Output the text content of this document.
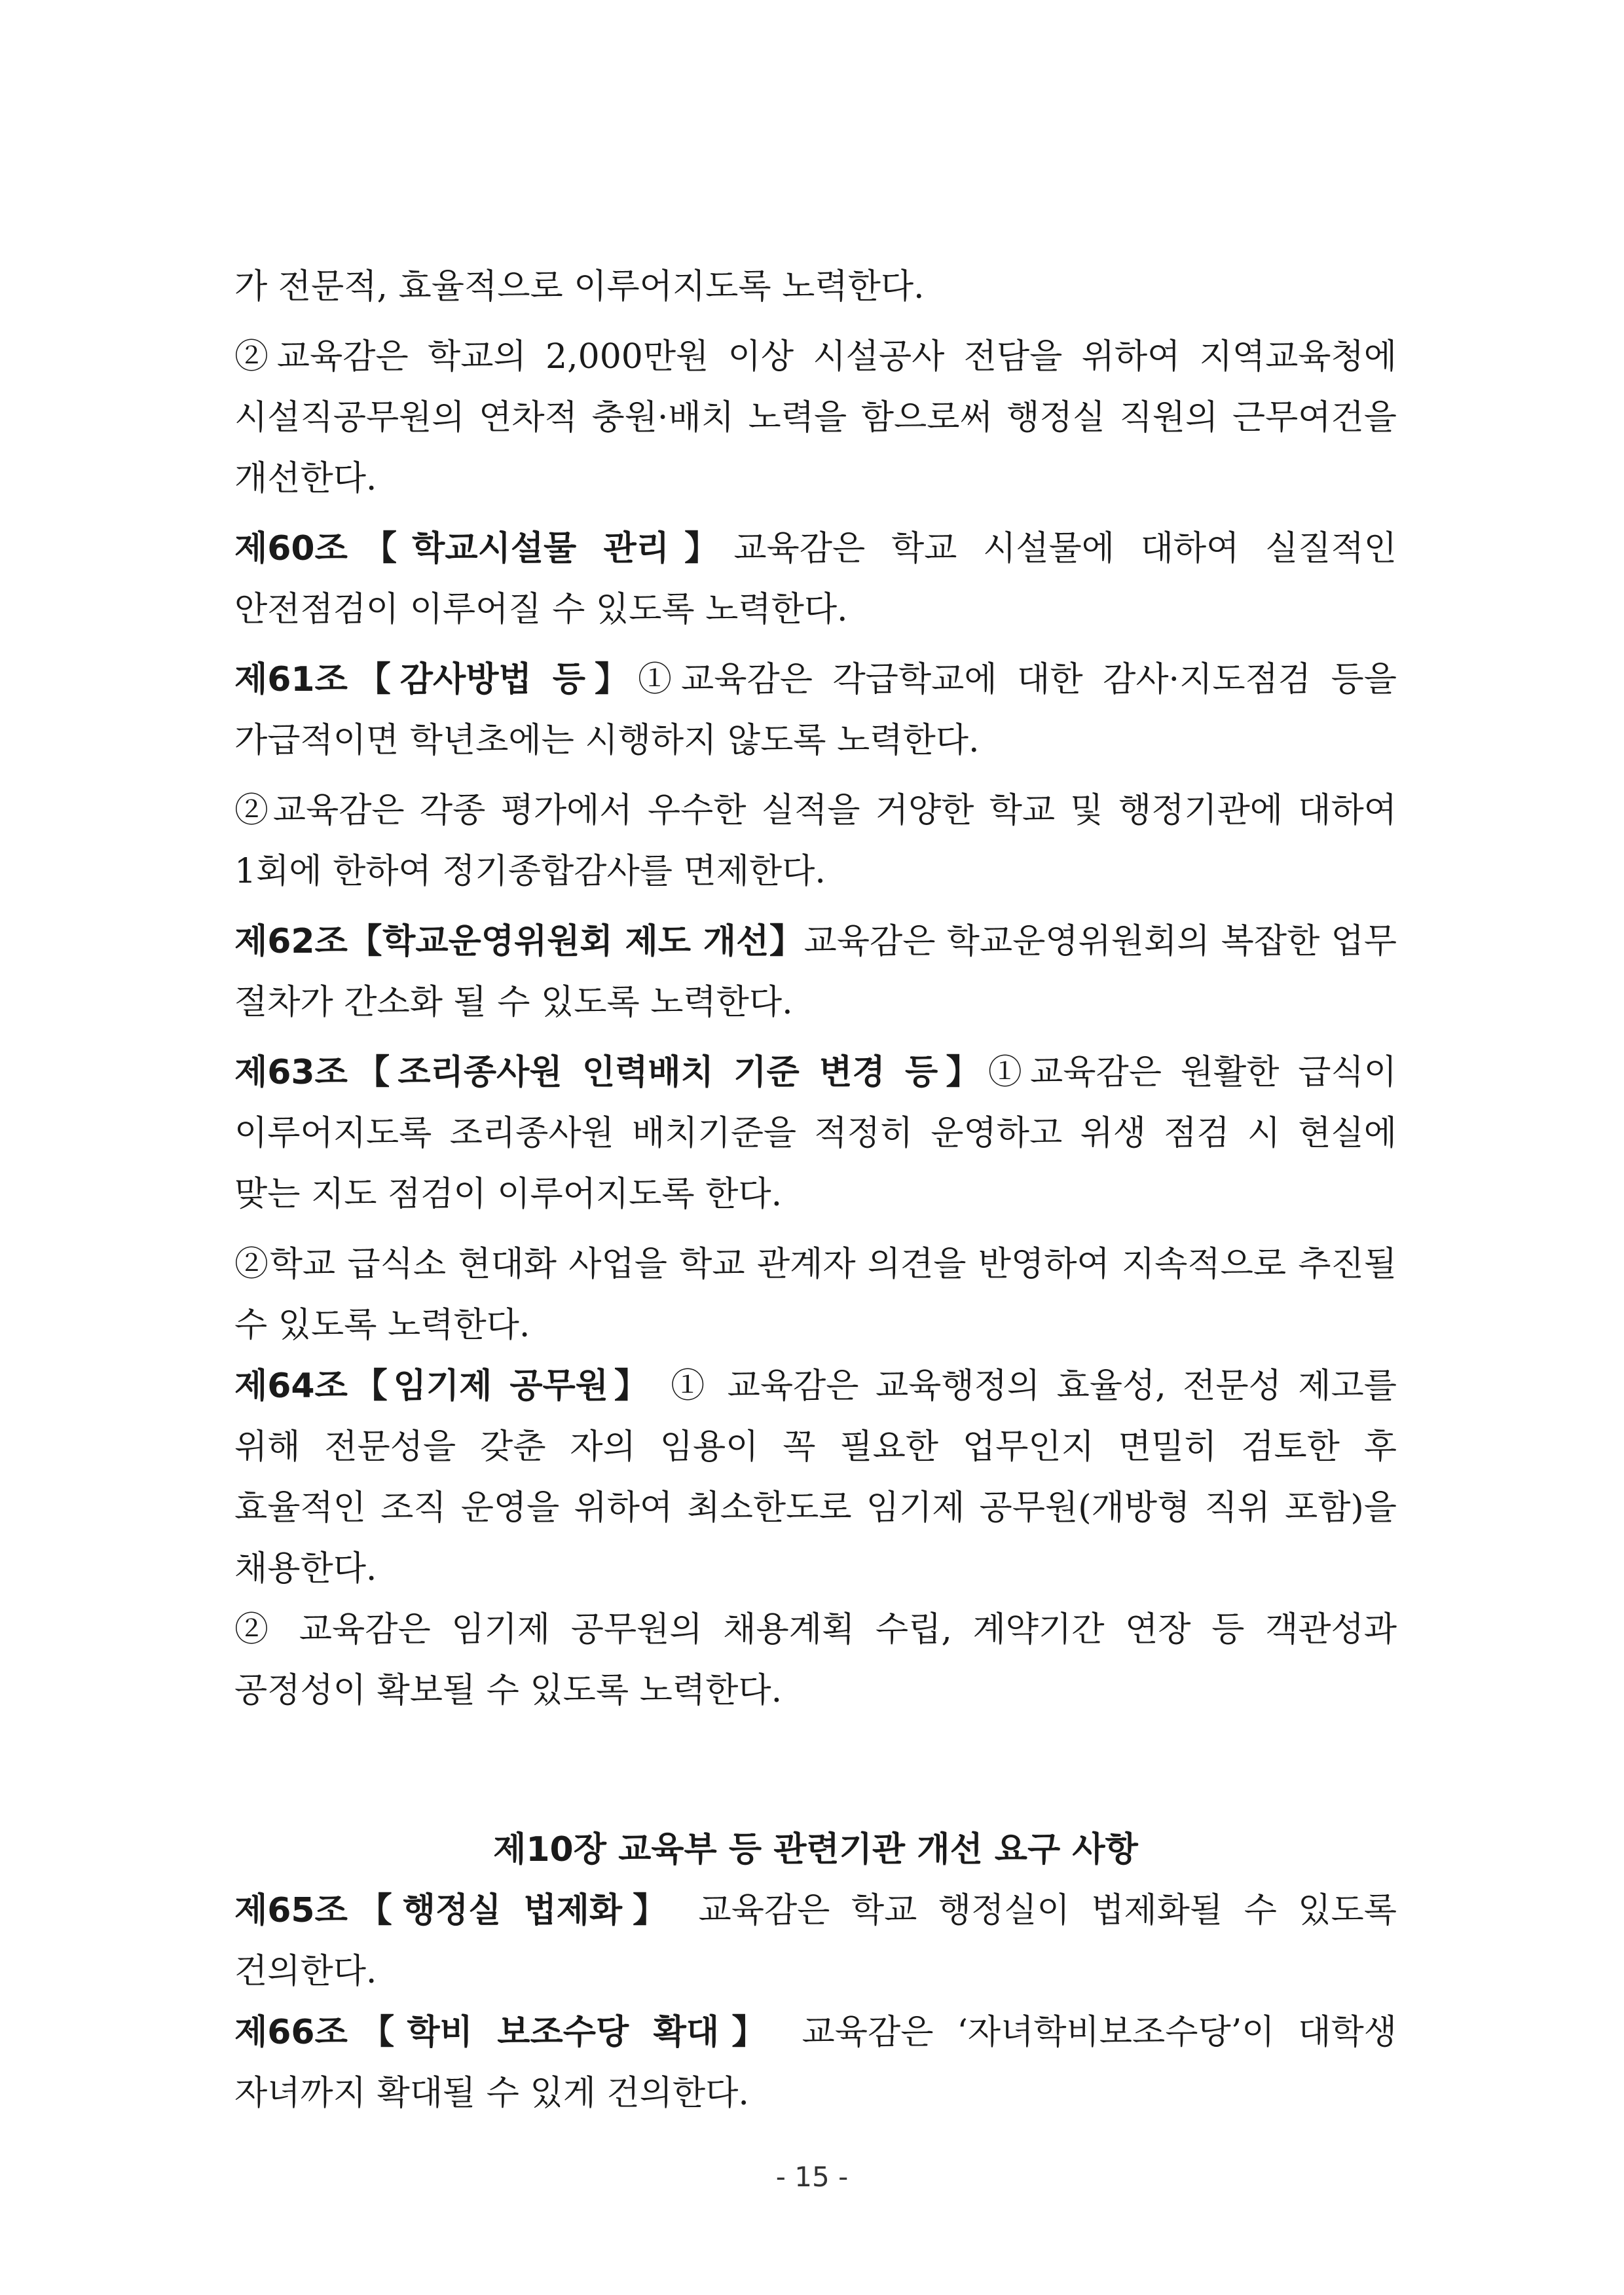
가 전문적, 효율적으로 이루어지도록 노력한다.

②교육감은 학교의 2,000만원 이상 시설공사 전담을 위하여 지역교육청에 시설직공무원의 연차적 충원·배치 노력을 함으로써 행정실 직원의 근무여건을 개선한다.

제60조【학교시설물 관리】교육감은 학교 시설물에 대하여 실질적인 안전점검이 이루어질 수 있도록 노력한다.

제61조【감사방법 등】①교육감은 각급학교에 대한 감사·지도점검 등을 가급적이면 학년초에는 시행하지 않도록 노력한다.

②교육감은 각종 평가에서 우수한 실적을 거양한 학교 및 행정기관에 대하여 1회에 한하여 정기종합감사를 면제한다.

제62조【학교운영위원회 제도 개선】교육감은 학교운영위원회의 복잡한 업무 절차가 간소화 될 수 있도록 노력한다.

제63조【조리종사원 인력배치 기준 변경 등】①교육감은 원활한 급식이 이루어지도록 조리종사원 배치기준을 적정히 운영하고 위생 점검 시 현실에 맞는 지도 점검이 이루어지도록 한다.

②학교 급식소 현대화 사업을 학교 관계자 의견을 반영하여 지속적으로 추진될 수 있도록 노력한다.

제64조【임기제 공무원】 ① 교육감은 교육행정의 효율성, 전문성 제고를 위해 전문성을 갖춘 자의 임용이 꼭 필요한 업무인지 면밀히 검토한 후 효율적인 조직 운영을 위하여 최소한도로 임기제 공무원(개방형 직위 포함)을 채용한다.

② 교육감은 임기제 공무원의 채용계획 수립, 계약기간 연장 등 객관성과 공정성이 확보될 수 있도록 노력한다.

제10장 교육부 등 관련기관 개선 요구 사항

제65조【행정실 법제화】 교육감은 학교 행정실이 법제화될 수 있도록 건의한다.

제66조【학비 보조수당 확대】 교육감은 ‘자녀학비보조수당’이 대학생 자녀까지 확대될 수 있게 건의한다.

- 15 -
